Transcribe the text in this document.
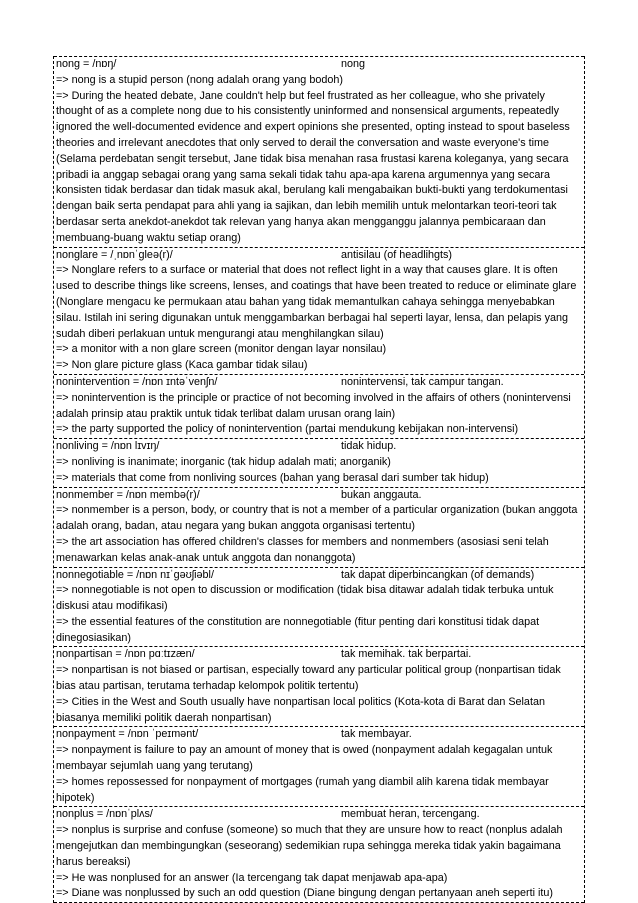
nong = /nɒŋ/	nong
=> nong is a stupid person (nong adalah orang yang bodoh)
=> During the heated debate, Jane couldn't help but feel frustrated as her colleague, who she privately thought of as a complete nong due to his consistently uninformed and nonsensical arguments, repeatedly ignored the well-documented evidence and expert opinions she presented, opting instead to spout baseless theories and irrelevant anecdotes that only served to derail the conversation and waste everyone's time (Selama perdebatan sengit tersebut, Jane tidak bisa menahan rasa frustasi karena koleganya, yang secara pribadi ia anggap sebagai orang yang sama sekali tidak tahu apa-apa karena argumennya yang secara konsisten tidak berdasar dan tidak masuk akal, berulang kali mengabaikan bukti-bukti yang terdokumentasi dengan baik serta pendapat para ahli yang ia sajikan, dan lebih memilih untuk melontarkan teori-teori tak berdasar serta anekdot-anekdot tak relevan yang hanya akan mengganggu jalannya pembicaraan dan membuang-buang waktu setiap orang)
nonglare = /ˌnɒnˈɡleə(r)/	antisilau (of headlihgts)
=> Nonglare refers to a surface or material that does not reflect light in a way that causes glare. It is often used to describe things like screens, lenses, and coatings that have been treated to reduce or eliminate glare (Nonglare mengacu ke permukaan atau bahan yang tidak memantulkan cahaya sehingga menyebabkan silau. Istilah ini sering digunakan untuk menggambarkan berbagai hal seperti layar, lensa, dan pelapis yang sudah diberi perlakuan untuk mengurangi atau menghilangkan silau)
=> a monitor with a non glare screen (monitor dengan layar nonsilau)
=> Non glare picture glass (Kaca gambar tidak silau)
nonintervention = /nɒn ɪntəˈvenʃn/	nonintervensi, tak campur tangan.
=> nonintervention is the principle or practice of not becoming involved in the affairs of others (nonintervensi adalah prinsip atau praktik untuk tidak terlibat dalam urusan orang lain)
=> the party supported the policy of nonintervention (partai mendukung kebijakan non-intervensi)
nonliving = /nɒn lɪvɪŋ/	tidak hidup.
=> nonliving is inanimate; inorganic (tak hidup adalah mati; anorganik)
=> materials that come from nonliving sources (bahan yang berasal dari sumber tak hidup)
nonmember = /nɒn membə(r)/	bukan anggauta.
=> nonmember is a person, body, or country that is not a member of a particular organization (bukan anggota adalah orang, badan, atau negara yang bukan anggota organisasi tertentu)
=> the art association has offered children's classes for members and nonmembers (asosiasi seni telah menawarkan kelas anak-anak untuk anggota dan nonanggota)
nonnegotiable = /nɒn nɪˈɡəʊʃiəbl/	tak dapat diperbincangkan (of demands)
=> nonnegotiable is not open to discussion or modification (tidak bisa ditawar adalah tidak terbuka untuk diskusi atau modifikasi)
=> the essential features of the constitution are nonnegotiable (fitur penting dari konstitusi tidak dapat dinegosiasikan)
nonpartisan = /nɒn pɑːtɪzæn/	tak memihak. tak berpartai.
=> nonpartisan is not biased or partisan, especially toward any particular political group (nonpartisan tidak bias atau partisan, terutama terhadap kelompok politik tertentu)
=> Cities in the West and South usually have nonpartisan local politics (Kota-kota di Barat dan Selatan biasanya memiliki politik daerah nonpartisan)
nonpayment = /nɒn ˈpeɪmənt/	tak membayar.
=> nonpayment is failure to pay an amount of money that is owed (nonpayment adalah kegagalan untuk membayar sejumlah uang yang terutang)
=> homes repossessed for nonpayment of mortgages (rumah yang diambil alih karena tidak membayar hipotek)
nonplus = /nɒnˈplʌs/	membuat heran, tercengang.
=> nonplus is surprise and confuse (someone) so much that they are unsure how to react (nonplus adalah mengejutkan dan membingungkan (seseorang) sedemikian rupa sehingga mereka tidak yakin bagaimana harus bereaksi)
=> He was nonplused for an answer (Ia tercengang tak dapat menjawab apa-apa)
=> Diane was nonplussed by such an odd question (Diane bingung dengan pertanyaan aneh seperti itu)
